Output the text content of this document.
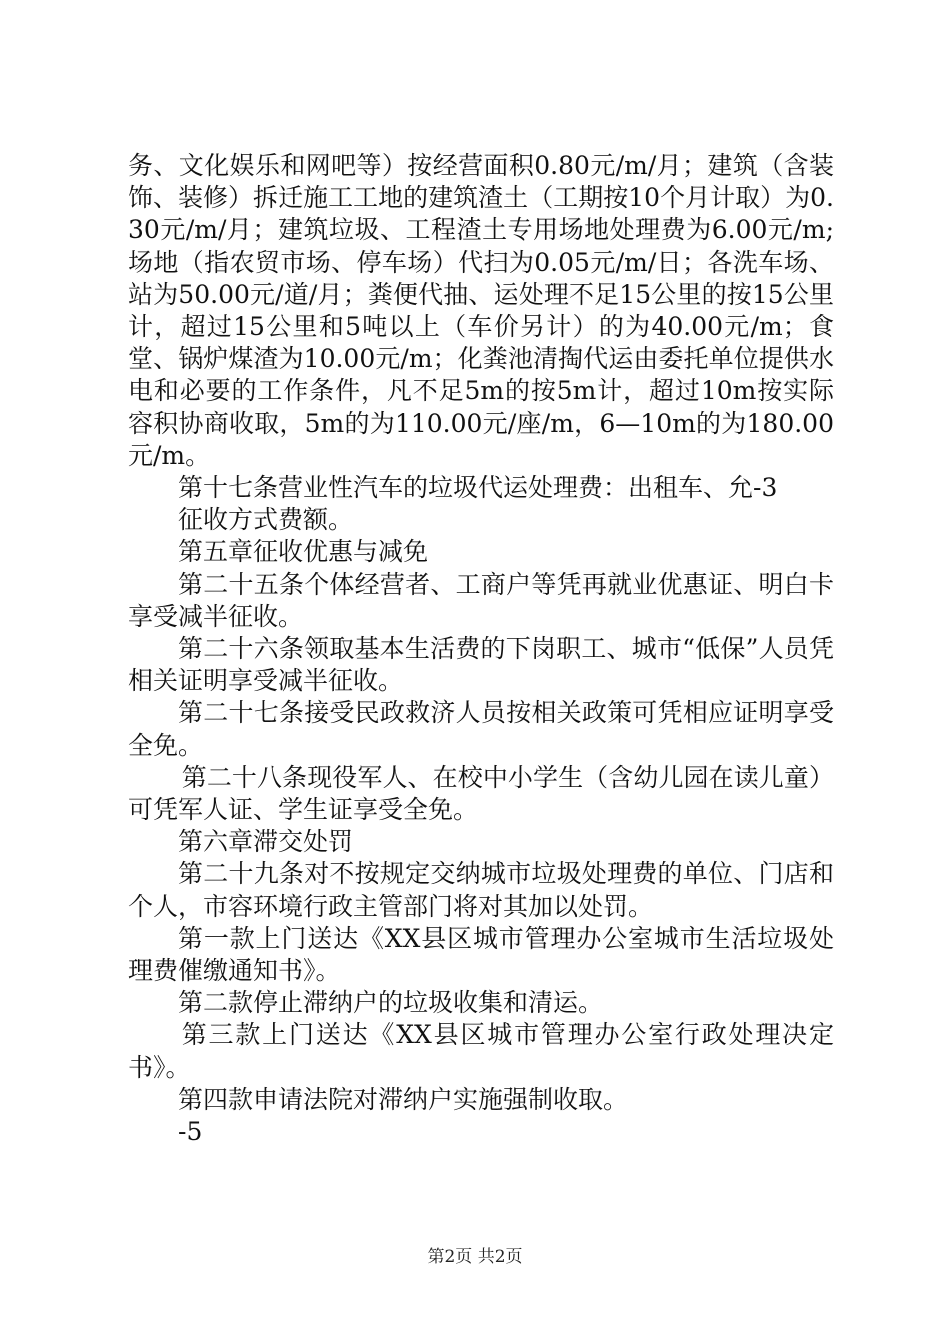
务、文化娱乐和网吧等）按经营面积0.80元/m/月；建筑（含装饰、装修）拆迁施工工地的建筑渣土（工期按10个月计取）为0.30元/m/月；建筑垃圾、工程渣土专用场地处理费为6.00元/m;场地（指农贸市场、停车场）代扫为0.05元/m/日；各洗车场、站为50.00元/道/月；粪便代抽、运处理不足15公里的按15公里计，超过15公里和5吨以上（车价另计）的为40.00元/m；食堂、锅炉煤渣为10.00元/m；化粪池清掏代运由委托单位提供水电和必要的工作条件，凡不足5m的按5m计，超过10m按实际容积协商收取，5m的为110.00元/座/m，6—10m的为180.00元/m。

第十七条营业性汽车的垃圾代运处理费：出租车、允-3

征收方式费额。

第五章征收优惠与减免

第二十五条个体经营者、工商户等凭再就业优惠证、明白卡享受减半征收。

第二十六条领取基本生活费的下岗职工、城市“低保”人员凭相关证明享受减半征收。

第二十七条接受民政救济人员按相关政策可凭相应证明享受全免。

第二十八条现役军人、在校中小学生（含幼儿园在读儿童）可凭军人证、学生证享受全免。

第六章滞交处罚

第二十九条对不按规定交纳城市垃圾处理费的单位、门店和个人，市容环境行政主管部门将对其加以处罚。

第一款上门送达《XX县区城市管理办公室城市生活垃圾处理费催缴通知书》。

第二款停止滞纳户的垃圾收集和清运。

第三款上门送达《XX县区城市管理办公室行政处理决定书》。

第四款申请法院对滞纳户实施强制收取。

-5

第2页 共2页
